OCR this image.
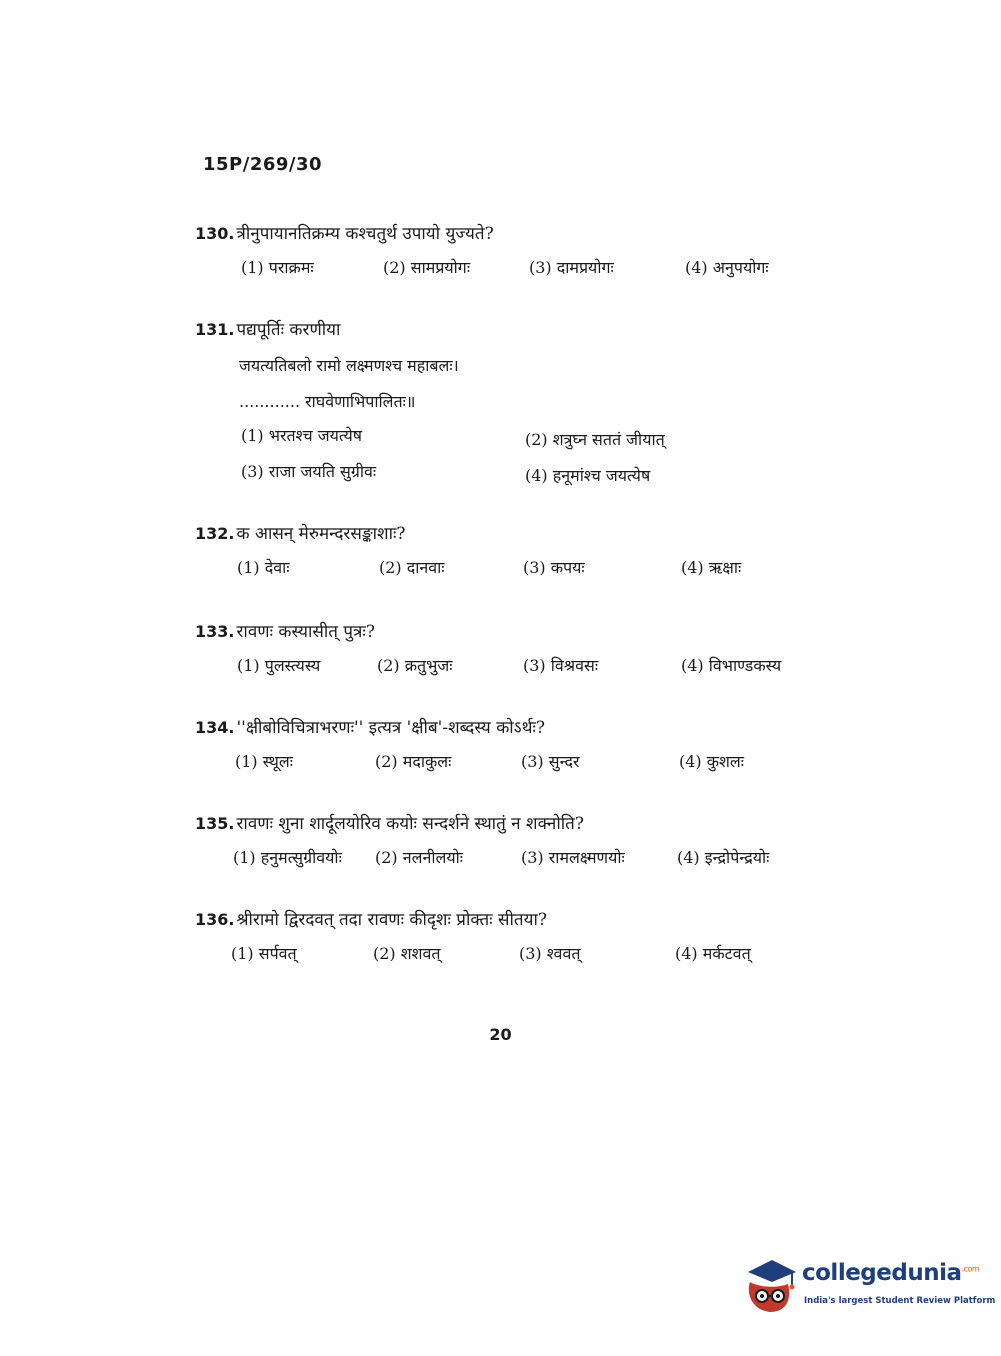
15P/269/30
130. त्रीनुपायानतिक्रम्य कश्चतुर्थ उपायो युज्यते?
(1) पराक्रमः	(2) सामप्रयोगः	(3) दामप्रयोगः	(4) अनुपयोगः
131. पद्यपूर्तिः करणीया
जयत्यतिबलो रामो लक्ष्मणश्च महाबलः।
............ राघवेणाभिपालितः॥
(1) भरतश्च जयत्येष	(2) शत्रुघ्न सततं जीयात्
(3) राजा जयति सुग्रीवः	(4) हनूमांश्च जयत्येष
132. क आसन् मेरुमन्दरसङ्काशाः?
(1) देवाः	(2) दानवाः	(3) कपयः	(4) ऋक्षाः
133. रावणः कस्यासीत् पुत्रः?
(1) पुलस्त्यस्य	(2) क्रतुभुजः	(3) विश्रवसः	(4) विभाण्डकस्य
134. ''क्षीबोविचित्राभरणः'' इत्यत्र 'क्षीब'-शब्दस्य कोऽर्थः?
(1) स्थूलः	(2) मदाकुलः	(3) सुन्दर	(4) कुशलः
135. रावणः शुना शार्दूलयोरिव कयोः सन्दर्शने स्थातुं न शक्नोति?
(1) हनुमत्सुग्रीवयोः (2) नलनीलयोः	(3) रामलक्ष्मणयोः	(4) इन्द्रोपेन्द्रयोः
136. श्रीरामो द्विरदवत् तदा रावणः कीदृशः प्रोक्तः सीतया?
(1) सर्पवत्	(2) शशवत्	(3) श्ववत्	(4) मर्कटवत्
20
collegedunia$^{.com}$
India's largest Student Review Platform
